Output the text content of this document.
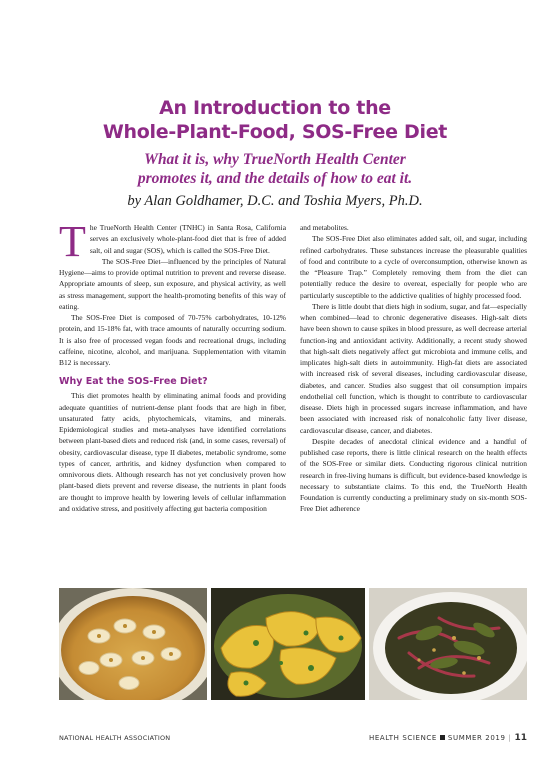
An Introduction to the
Whole-Plant-Food, SOS-Free Diet
What it is, why TrueNorth Health Center
promotes it, and the details of how to eat it.
by Alan Goldhamer, D.C. and Toshia Myers, Ph.D.

The TrueNorth Health Center (TNHC) in Santa Rosa, California serves an exclusively whole-plant-food diet that is free of added salt, oil and sugar (SOS), which is called the SOS-Free Diet.

The SOS-Free Diet—influenced by the principles of Natural Hygiene—aims to provide optimal nutrition to prevent and reverse disease. Appropriate amounts of sleep, sun exposure, and physical activity, as well as stress management, support the health-promoting benefits of this way of eating.

The SOS-Free Diet is composed of 70-75% carbohydrates, 10-12% protein, and 15-18% fat, with trace amounts of naturally occurring sodium. It is also free of processed vegan foods and recreational drugs, including caffeine, nicotine, alcohol, and marijuana. Supplementation with vitamin B12 is necessary.

Why Eat the SOS-Free Diet?

This diet promotes health by eliminating animal foods and providing adequate quantities of nutrient-dense plant foods that are high in fiber, unsaturated fatty acids, phytochemicals, vitamins, and minerals. Epidemiological studies and meta-analyses have identified correlations between plant-based diets and reduced risk (and, in some cases, reversal) of obesity, cardiovascular disease, type II diabetes, metabolic syndrome, some types of cancer, arthritis, and kidney dysfunction when compared to omnivorous diets. Although research has not yet conclusively proven how plant-based diets prevent and reverse disease, the nutrients in plant foods are thought to improve health by lowering levels of cellular inflammation and oxidative stress, and positively affecting gut bacteria composition

and metabolites.

The SOS-Free Diet also eliminates added salt, oil, and sugar, including refined carbohydrates. These substances increase the pleasurable qualities of food and contribute to a cycle of overconsumption, otherwise known as the “Pleasure Trap.” Completely removing them from the diet can potentially reduce the desire to overeat, especially for people who are particularly susceptible to the addictive qualities of highly processed food.

There is little doubt that diets high in sodium, sugar, and fat—especially when combined—lead to chronic degenerative diseases. High-salt diets have been shown to cause spikes in blood pressure, as well decrease arterial function-ing and antioxidant activity. Additionally, a recent study showed that high-salt diets negatively affect gut microbiota and immune cells, and implicates high-salt diets in autoimmunity. High-fat diets are associated with increased risk of several diseases, including cardiovascular disease, diabetes, and cancer. Studies also suggest that oil consumption impairs endothelial cell function, which is thought to contribute to cardiovascular disease. Diets high in processed sugars increase inflammation, and have been associated with increased risk of nonalcoholic fatty liver disease, cardiovascular disease, cancer, and diabetes.

Despite decades of anecdotal clinical evidence and a handful of published case reports, there is little clinical research on the health effects of the SOS-Free or similar diets. Conducting rigorous clinical nutrition research in free-living humans is difficult, but evidence-based knowledge is necessary to substantiate claims. To this end, the TrueNorth Health Foundation is currently conducting a preliminary study on six-month SOS-Free Diet adherence

NATIONAL HEALTH ASSOCIATION	HEALTH SCIENCE SUMMER 2019 | 11
